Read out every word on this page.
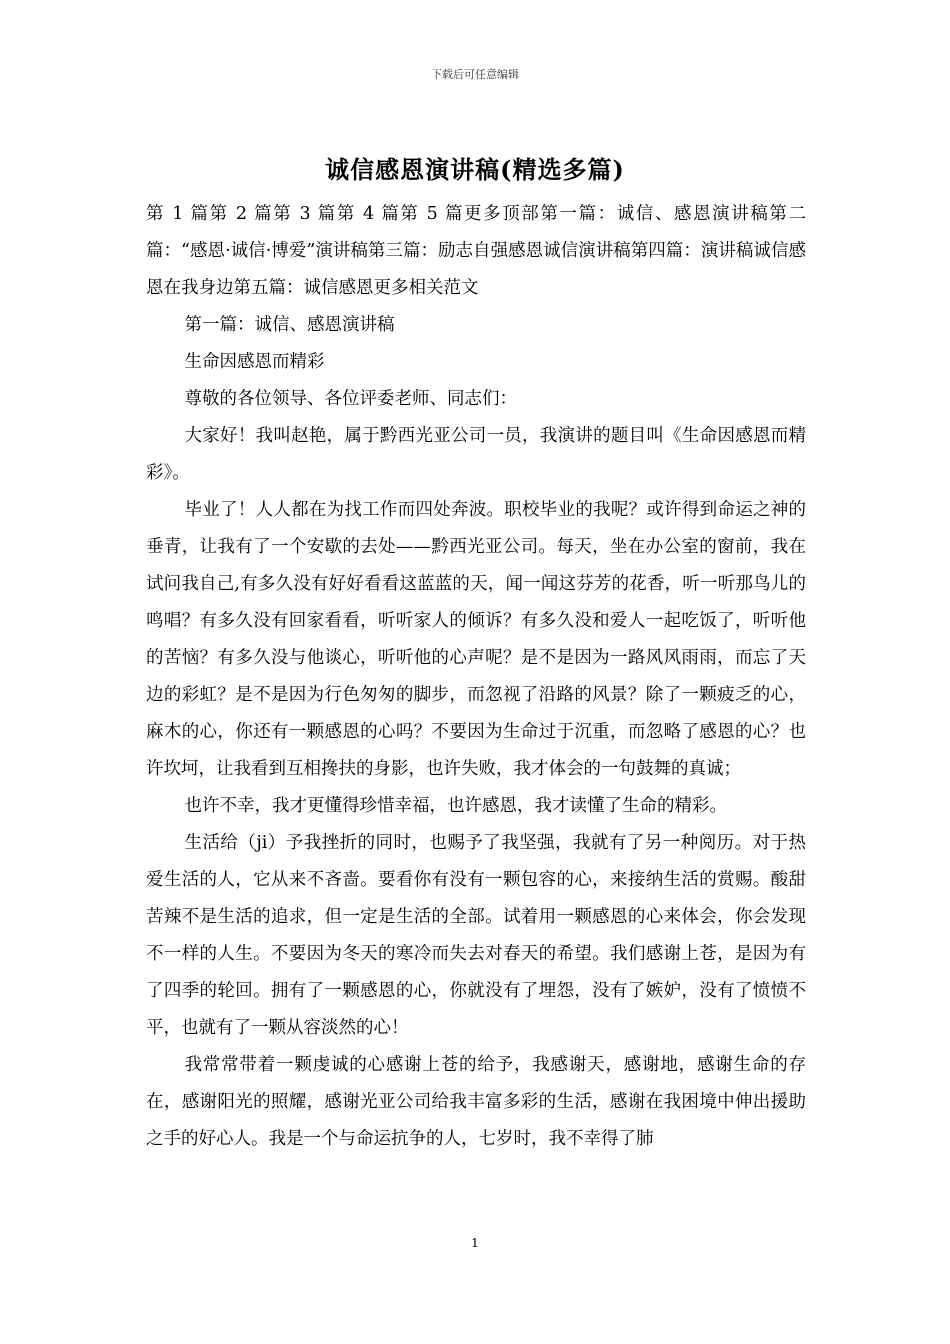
下载后可任意编辑
诚信感恩演讲稿(精选多篇)

第 1 篇第 2 篇第 3 篇第 4 篇第 5 篇更多顶部第一篇：诚信、感恩演讲稿第二篇：“感恩·诚信·博爱”演讲稿第三篇：励志自强感恩诚信演讲稿第四篇：演讲稿诚信感恩在我身边第五篇：诚信感恩更多相关范文

第一篇：诚信、感恩演讲稿

生命因感恩而精彩

尊敬的各位领导、各位评委老师、同志们：

大家好！我叫赵艳，属于黔西光亚公司一员，我演讲的题目叫《生命因感恩而精彩》。

毕业了！人人都在为找工作而四处奔波。职校毕业的我呢？或许得到命运之神的垂青，让我有了一个安歇的去处——黔西光亚公司。每天，坐在办公室的窗前，我在试问我自己,有多久没有好好看看这蓝蓝的天，闻一闻这芬芳的花香，听一听那鸟儿的鸣唱？有多久没有回家看看，听听家人的倾诉？有多久没和爱人一起吃饭了，听听他的苦恼？有多久没与他谈心，听听他的心声呢？是不是因为一路风风雨雨，而忘了天边的彩虹？是不是因为行色匆匆的脚步，而忽视了沿路的风景？除了一颗疲乏的心，麻木的心，你还有一颗感恩的心吗？不要因为生命过于沉重，而忽略了感恩的心？也许坎坷，让我看到互相搀扶的身影，也许失败，我才体会的一句鼓舞的真诚；

也许不幸，我才更懂得珍惜幸福，也许感恩，我才读懂了生命的精彩。

生活给（ji）予我挫折的同时，也赐予了我坚强，我就有了另一种阅历。对于热爱生活的人，它从来不吝啬。要看你有没有一颗包容的心，来接纳生活的赏赐。酸甜苦辣不是生活的追求，但一定是生活的全部。试着用一颗感恩的心来体会，你会发现不一样的人生。不要因为冬天的寒冷而失去对春天的希望。我们感谢上苍，是因为有了四季的轮回。拥有了一颗感恩的心，你就没有了埋怨，没有了嫉妒，没有了愤愤不平，也就有了一颗从容淡然的心！

我常常带着一颗虔诚的心感谢上苍的给予，我感谢天，感谢地，感谢生命的存在，感谢阳光的照耀，感谢光亚公司给我丰富多彩的生活，感谢在我困境中伸出援助之手的好心人。我是一个与命运抗争的人，七岁时，我不幸得了肺

1
